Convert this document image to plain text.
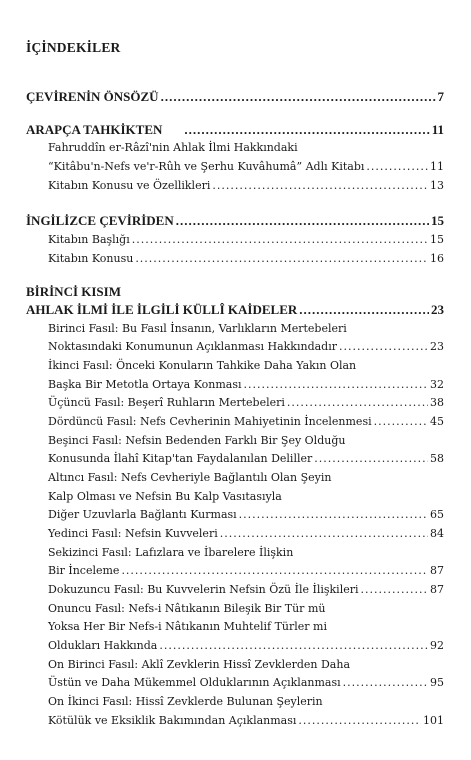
İÇİNDEKİLER
ÇEVİRENİN ÖNSÖZÜ .....	7
ARAPÇA TAHKİKTEN .....	11
Fahruddîn er-Râzî'nin Ahlak İlmi Hakkındaki
“Kitâbu'n-Nefs ve'r-Rûh ve Şerhu Kuvâhumâ” Adlı Kitabı .....	11
Kitabın Konusu ve Özellikleri .....	13
İNGİLİZCE ÇEVİRİDEN .....	15
Kitabın Başlığı .....	15
Kitabın Konusu .....	16
BİRİNCİ KISIM
AHLAK İLMİ İLE İLGİLİ KÜLLÎ KAİDELER .....	23
Birinci Fasıl: Bu Fasıl İnsanın, Varlıkların Mertebeleri
Noktasındaki Konumunun Açıklanması Hakkındadır .....	23
İkinci Fasıl: Önceki Konuların Tahkike Daha Yakın Olan
Başka Bir Metotla Ortaya Konması .....	32
Üçüncü Fasıl: Beşerî Ruhların Mertebeleri .....	38
Dördüncü Fasıl: Nefs Cevherinin Mahiyetinin İncelenmesi .....	45
Beşinci Fasıl: Nefsin Bedenden Farklı Bir Şey Olduğu
Konusunda İlahî Kitap'tan Faydalanılan Deliller .....	58
Altıncı Fasıl: Nefs Cevheriyle Bağlantılı Olan Şeyin
Kalp Olması ve Nefsin Bu Kalp Vasıtasıyla
Diğer Uzuvlarla Bağlantı Kurması .....	65
Yedinci Fasıl: Nefsin Kuvveleri .....	84
Sekizinci Fasıl: Lafızlara ve İbarelere İlişkin
Bir İnceleme .....	87
Dokuzuncu Fasıl: Bu Kuvvelerin Nefsin Özü İle İlişkileri .....	87
Onuncu Fasıl: Nefs-i Nâtıkanın Bileşik Bir Tür mü
Yoksa Her Bir Nefs-i Nâtıkanın Muhtelif Türler mi
Oldukları Hakkında .....	92
On Birinci Fasıl: Aklî Zevklerin Hissî Zevklerden Daha
Üstün ve Daha Mükemmel Olduklarının Açıklanması .....	95
On İkinci Fasıl: Hissî Zevklerde Bulunan Şeylerin
Kötülük ve Eksiklik Bakımından Açıklanması .....	101
